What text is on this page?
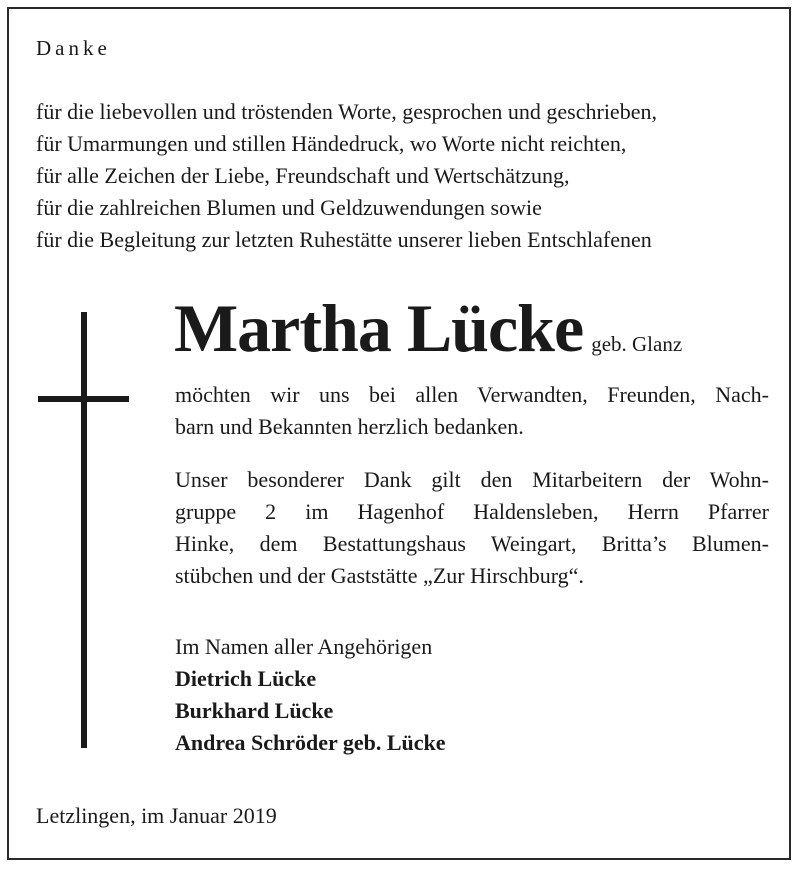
Danke
für die liebevollen und tröstenden Worte, gesprochen und geschrieben,
für Umarmungen und stillen Händedruck, wo Worte nicht reichten,
für alle Zeichen der Liebe, Freundschaft und Wertschätzung,
für die zahlreichen Blumen und Geldzuwendungen sowie
für die Begleitung zur letzten Ruhestätte unserer lieben Entschlafenen
Martha Lücke geb. Glanz
möchten wir uns bei allen Verwandten, Freunden, Nach-
barn und Bekannten herzlich bedanken.
Unser besonderer Dank gilt den Mitarbeitern der Wohn-
gruppe 2 im Hagenhof Haldensleben, Herrn Pfarrer
Hinke, dem Bestattungshaus Weingart, Britta’s Blumen-
stübchen und der Gaststätte „Zur Hirschburg“.
Im Namen aller Angehörigen
Dietrich Lücke
Burkhard Lücke
Andrea Schröder geb. Lücke
Letzlingen, im Januar 2019
